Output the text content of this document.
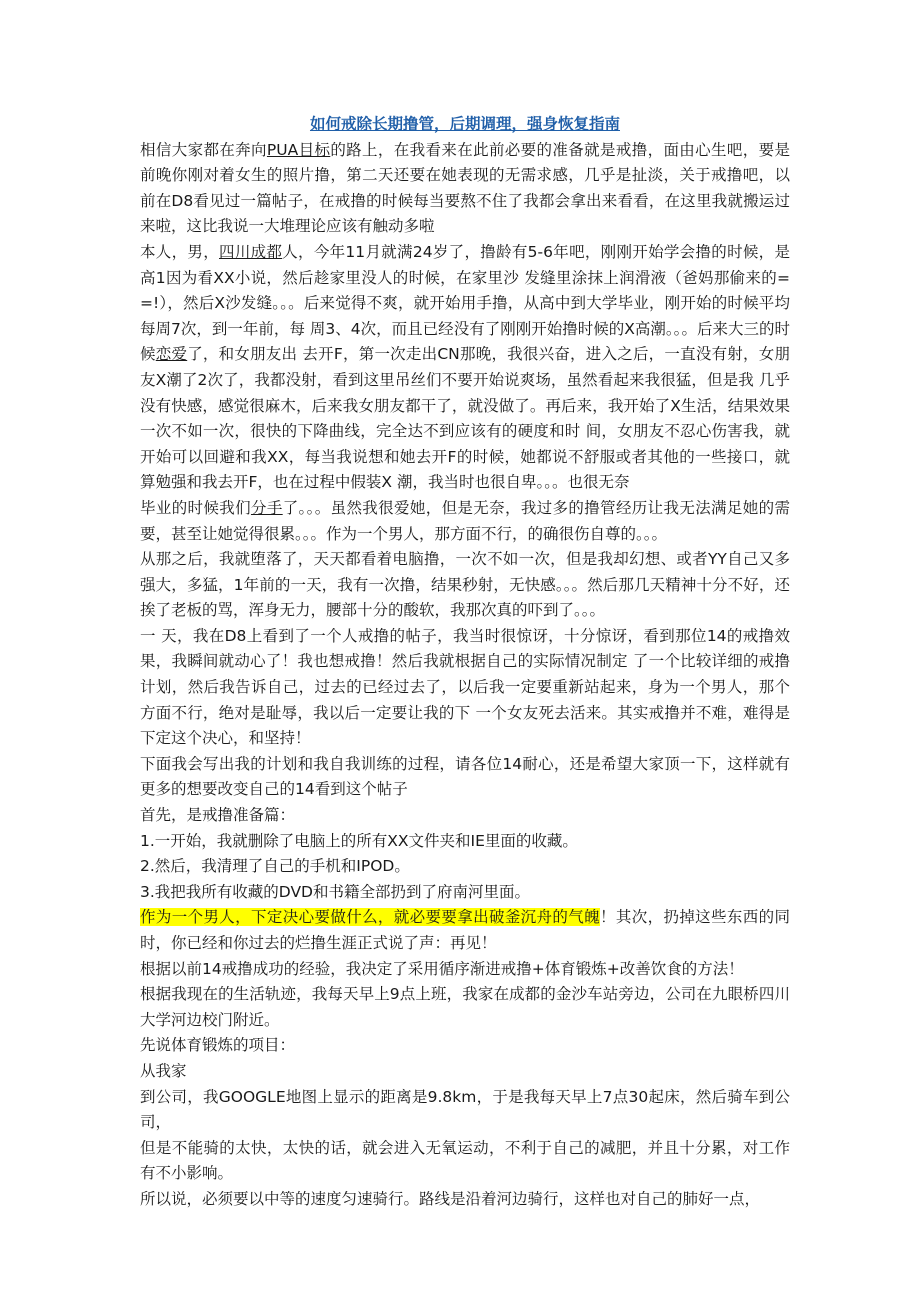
如何戒除长期撸管，后期调理，强身恢复指南

相信大家都在奔向PUA目标的路上，在我看来在此前必要的准备就是戒撸，面由心生吧，要是前晚你刚对着女生的照片撸，第二天还要在她表现的无需求感，几乎是扯淡，关于戒撸吧，以前在D8看见过一篇帖子，在戒撸的时候每当要熬不住了我都会拿出来看看，在这里我就搬运过来啦，这比我说一大堆理论应该有触动多啦

本人，男，四川成都人，今年11月就满24岁了，撸龄有5-6年吧，刚刚开始学会撸的时候，是高1因为看XX小说，然后趁家里没人的时候，在家里沙 发缝里涂抹上润滑液（爸妈那偷来的==!），然后X沙发缝。。。后来觉得不爽，就开始用手撸，从高中到大学毕业，刚开始的时候平均每周7次，到一年前，每 周3、4次，而且已经没有了刚刚开始撸时候的X高潮。。。后来大三的时候恋爱了，和女朋友出 去开F，第一次走出CN那晚，我很兴奋，进入之后，一直没有射，女朋友X潮了2次了，我都没射，看到这里吊丝们不要开始说爽场，虽然看起来我很猛，但是我 几乎没有快感，感觉很麻木，后来我女朋友都干了，就没做了。再后来，我开始了X生活，结果效果一次不如一次，很快的下降曲线，完全达不到应该有的硬度和时 间，女朋友不忍心伤害我，就开始可以回避和我XX，每当我说想和她去开F的时候，她都说不舒服或者其他的一些接口，就算勉强和我去开F，也在过程中假装X 潮，我当时也很自卑。。。也很无奈

毕业的时候我们分手了。。。虽然我很爱她，但是无奈，我过多的撸管经历让我无法满足她的需要，甚至让她觉得很累。。。作为一个男人，那方面不行，的确很伤自尊的。。。

从那之后，我就堕落了，天天都看着电脑撸，一次不如一次，但是我却幻想、或者YY自己又多强大，多猛，1年前的一天，我有一次撸，结果秒射，无快感。。。然后那几天精神十分不好，还挨了老板的骂，浑身无力，腰部十分的酸软，我那次真的吓到了。。。

一 天，我在D8上看到了一个人戒撸的帖子，我当时很惊讶，十分惊讶，看到那位14的戒撸效果，我瞬间就动心了！我也想戒撸！然后我就根据自己的实际情况制定 了一个比较详细的戒撸计划，然后我告诉自己，过去的已经过去了，以后我一定要重新站起来，身为一个男人，那个方面不行，绝对是耻辱，我以后一定要让我的下 一个女友死去活来。其实戒撸并不难，难得是下定这个决心，和坚持！

下面我会写出我的计划和我自我训练的过程，请各位14耐心，还是希望大家顶一下，这样就有更多的想要改变自己的14看到这个帖子

首先，是戒撸准备篇：

1.一开始，我就删除了电脑上的所有XX文件夹和IE里面的收藏。

2.然后，我清理了自己的手机和IPOD。

3.我把我所有收藏的DVD和书籍全部扔到了府南河里面。

作为一个男人，下定决心要做什么，就必要要拿出破釜沉舟的气魄！其次，扔掉这些东西的同时，你已经和你过去的烂撸生涯正式说了声：再见！

根据以前14戒撸成功的经验，我决定了采用循序渐进戒撸+体育锻炼+改善饮食的方法！

根据我现在的生活轨迹，我每天早上9点上班，我家在成都的金沙车站旁边，公司在九眼桥四川大学河边校门附近。

先说体育锻炼的项目：

从我家

到公司，我GOOGLE地图上显示的距离是9.8km，于是我每天早上7点30起床，然后骑车到公司，

但是不能骑的太快，太快的话，就会进入无氧运动，不利于自己的减肥，并且十分累，对工作有不小影响。

所以说，必须要以中等的速度匀速骑行。路线是沿着河边骑行，这样也对自己的肺好一点，
